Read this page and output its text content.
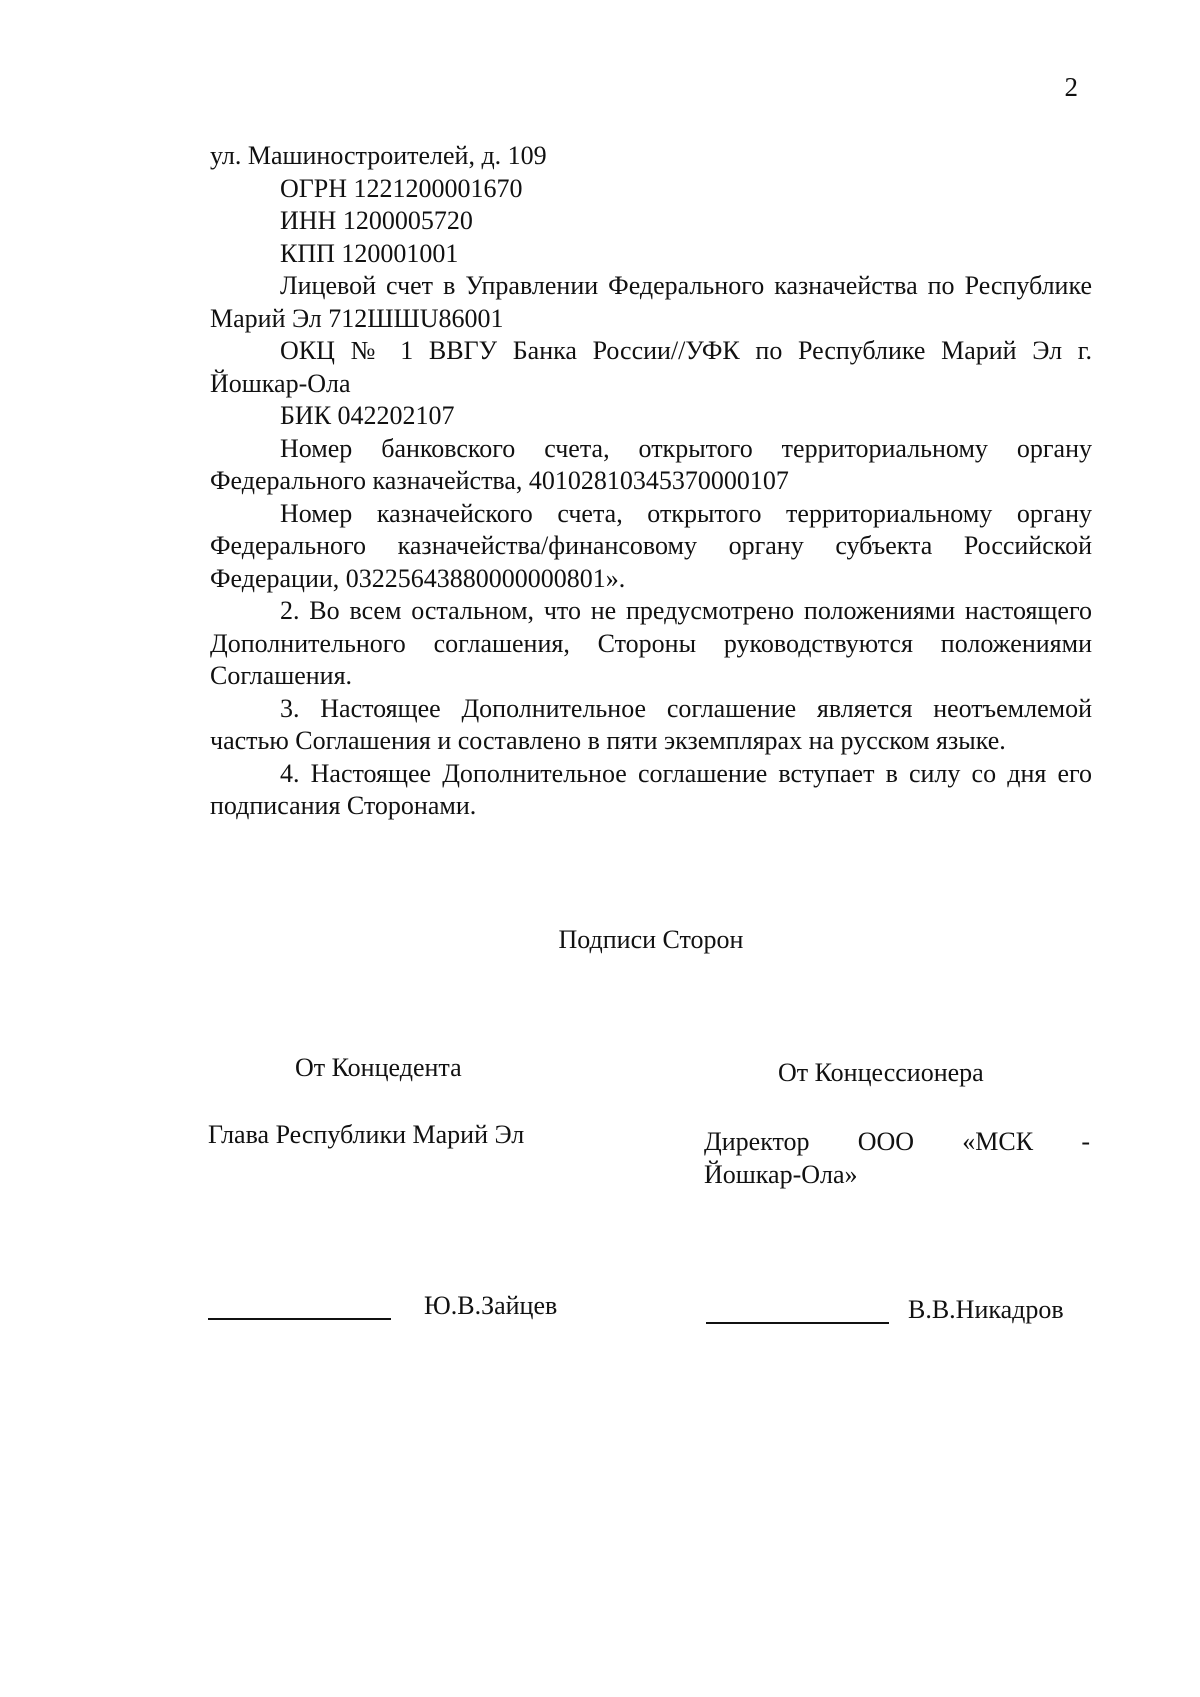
2

ул. Машиностроителей, д. 109

ОГРН 1221200001670

ИНН 1200005720

КПП 120001001

Лицевой счет в Управлении Федерального казначейства по Республике Марий Эл 712ШШU86001

ОКЦ № 1 ВВГУ Банка России//УФК по Республике Марий Эл г. Йошкар-Ола

БИК 042202107

Номер банковского счета, открытого территориальному органу Федерального казначейства, 40102810345370000107

Номер казначейского счета, открытого территориальному органу Федерального казначейства/финансовому органу субъекта Российской Федерации, 03225643880000000801».

2. Во всем остальном, что не предусмотрено положениями настоящего Дополнительного соглашения, Стороны руководствуются положениями Соглашения.

3. Настоящее Дополнительное соглашение является неотъемлемой частью Соглашения и составлено в пяти экземплярах на русском языке.

4. Настоящее Дополнительное соглашение вступает в силу со дня его подписания Сторонами.

Подписи Сторон
От Концедента	От Концессионера
Глава Республики Марий Эл	Директор ООО «МСК -
Йошкар-Ола»
Ю.В.Зайцев	В.В.Никадров
